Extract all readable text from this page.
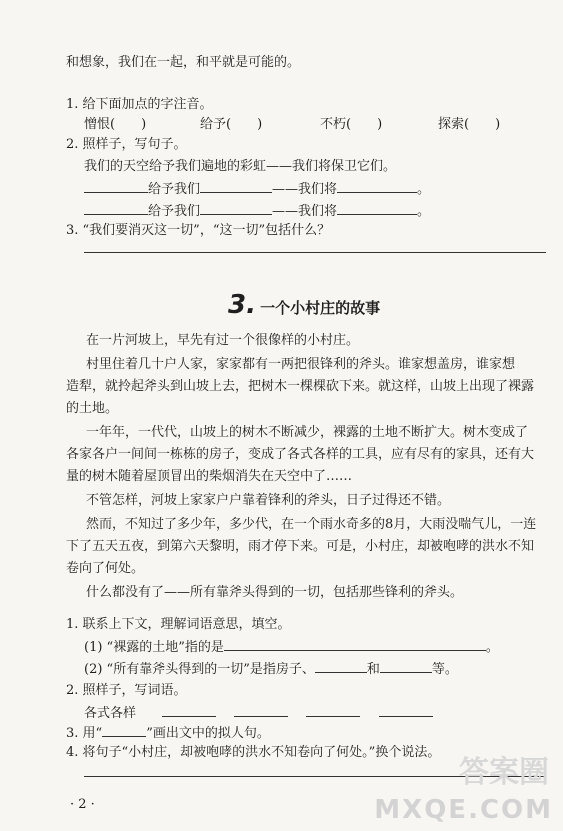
和想象，我们在一起，和平就是可能的。
1. 给下面加点的字注音。
憎恨(　　)	给予(　　)	不朽(　　)	探索(　　)
2. 照样子，写句子。
我们的天空给予我们遍地的彩虹——我们将保卫它们。
给予我们	——我们将	。
给予我们	——我们将	。
3. “我们要消灭这一切”，“这一切”包括什么？
3. 一个小村庄的故事
在一片河坡上，早先有过一个很像样的小村庄。
村里住着几十户人家，家家都有一两把很锋利的斧头。谁家想盖房，谁家想
造犁，就拎起斧头到山坡上去，把树木一棵棵砍下来。就这样，山坡上出现了裸露
的土地。
一年年，一代代，山坡上的树木不断减少，裸露的土地不断扩大。树木变成了
各家各户一间间一栋栋的房子，变成了各式各样的工具，应有尽有的家具，还有大
量的树木随着屋顶冒出的柴烟消失在天空中了……
不管怎样，河坡上家家户户靠着锋利的斧头，日子过得还不错。
然而，不知过了多少年，多少代，在一个雨水奇多的8月，大雨没喘气儿，一连
下了五天五夜，到第六天黎明，雨才停下来。可是，小村庄，却被咆哮的洪水不知
卷向了何处。
什么都没有了——所有靠斧头得到的一切，包括那些锋利的斧头。
1. 联系上下文，理解词语意思，填空。
(1) “裸露的土地”指的是	。
(2) “所有靠斧头得到的一切”是指房子、	和	等。
2. 照样子，写词语。
各式各样
3. 用“	”画出文中的拟人句。
4. 将句子“小村庄，却被咆哮的洪水不知卷向了何处。”换个说法。
· 2 ·
答案圈
MXQE.COM
